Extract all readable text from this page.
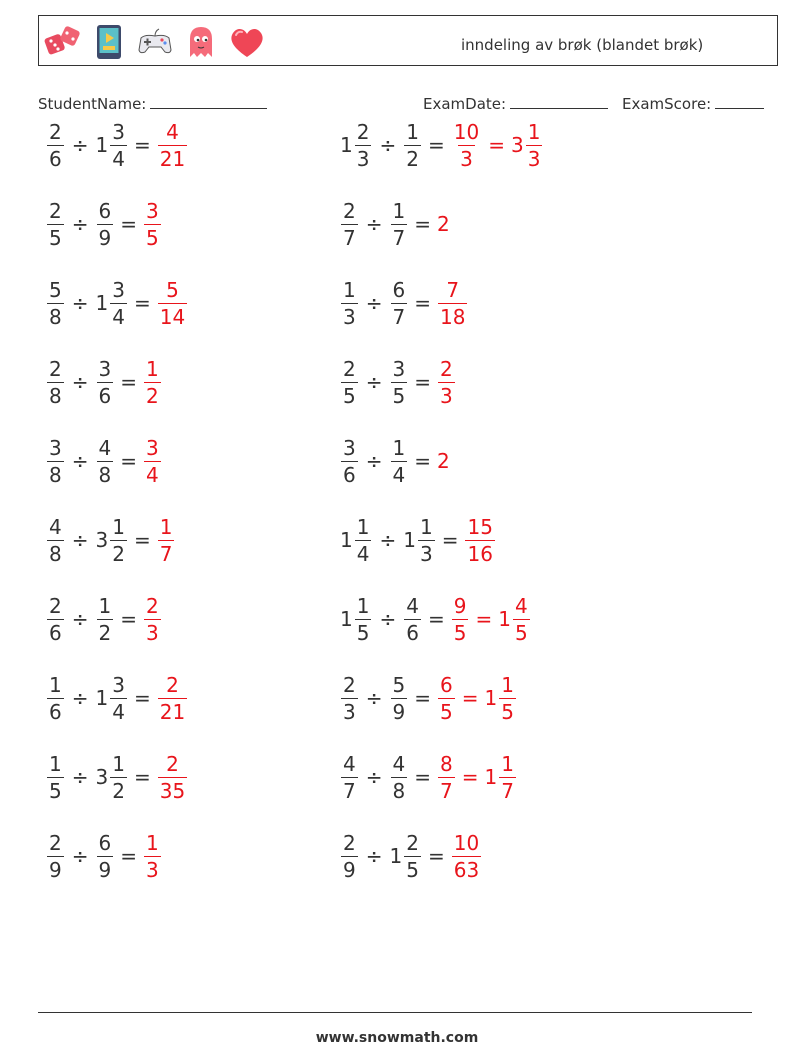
inndeling av brøk (blandet brøk)
StudentName:	ExamDate:	ExamScore:
$\frac{2}{6} \div 1 \frac{3}{4} = \frac{4}{21}$
$\frac{2}{5} \div \frac{6}{9} = \frac{3}{5}$
$\frac{5}{8} \div 1 \frac{3}{4} = \frac{5}{14}$
$\frac{2}{8} \div \frac{3}{6} = \frac{1}{2}$
$\frac{3}{8} \div \frac{4}{8} = \frac{3}{4}$
$\frac{4}{8} \div 3 \frac{1}{2} = \frac{1}{7}$
$\frac{2}{6} \div \frac{1}{2} = \frac{2}{3}$
$\frac{1}{6} \div 1 \frac{3}{4} = \frac{2}{21}$
$\frac{1}{5} \div 3 \frac{1}{2} = \frac{2}{35}$
$\frac{2}{9} \div \frac{6}{9} = \frac{1}{3}$
$1 \frac{2}{3} \div \frac{1}{2} = \frac{10}{3} = 3 \frac{1}{3}$
$\frac{2}{7} \div \frac{1}{7} = 2$
$\frac{1}{3} \div \frac{6}{7} = \frac{7}{18}$
$\frac{2}{5} \div \frac{3}{5} = \frac{2}{3}$
$\frac{3}{6} \div \frac{1}{4} = 2$
$1 \frac{1}{4} \div 1 \frac{1}{3} = \frac{15}{16}$
$1 \frac{1}{5} \div \frac{4}{6} = \frac{9}{5} = 1 \frac{4}{5}$
$\frac{2}{3} \div \frac{5}{9} = \frac{6}{5} = 1 \frac{1}{5}$
$\frac{4}{7} \div \frac{4}{8} = \frac{8}{7} = 1 \frac{1}{7}$
$\frac{2}{9} \div 1 \frac{2}{5} = \frac{10}{63}$
www.snowmath.com
